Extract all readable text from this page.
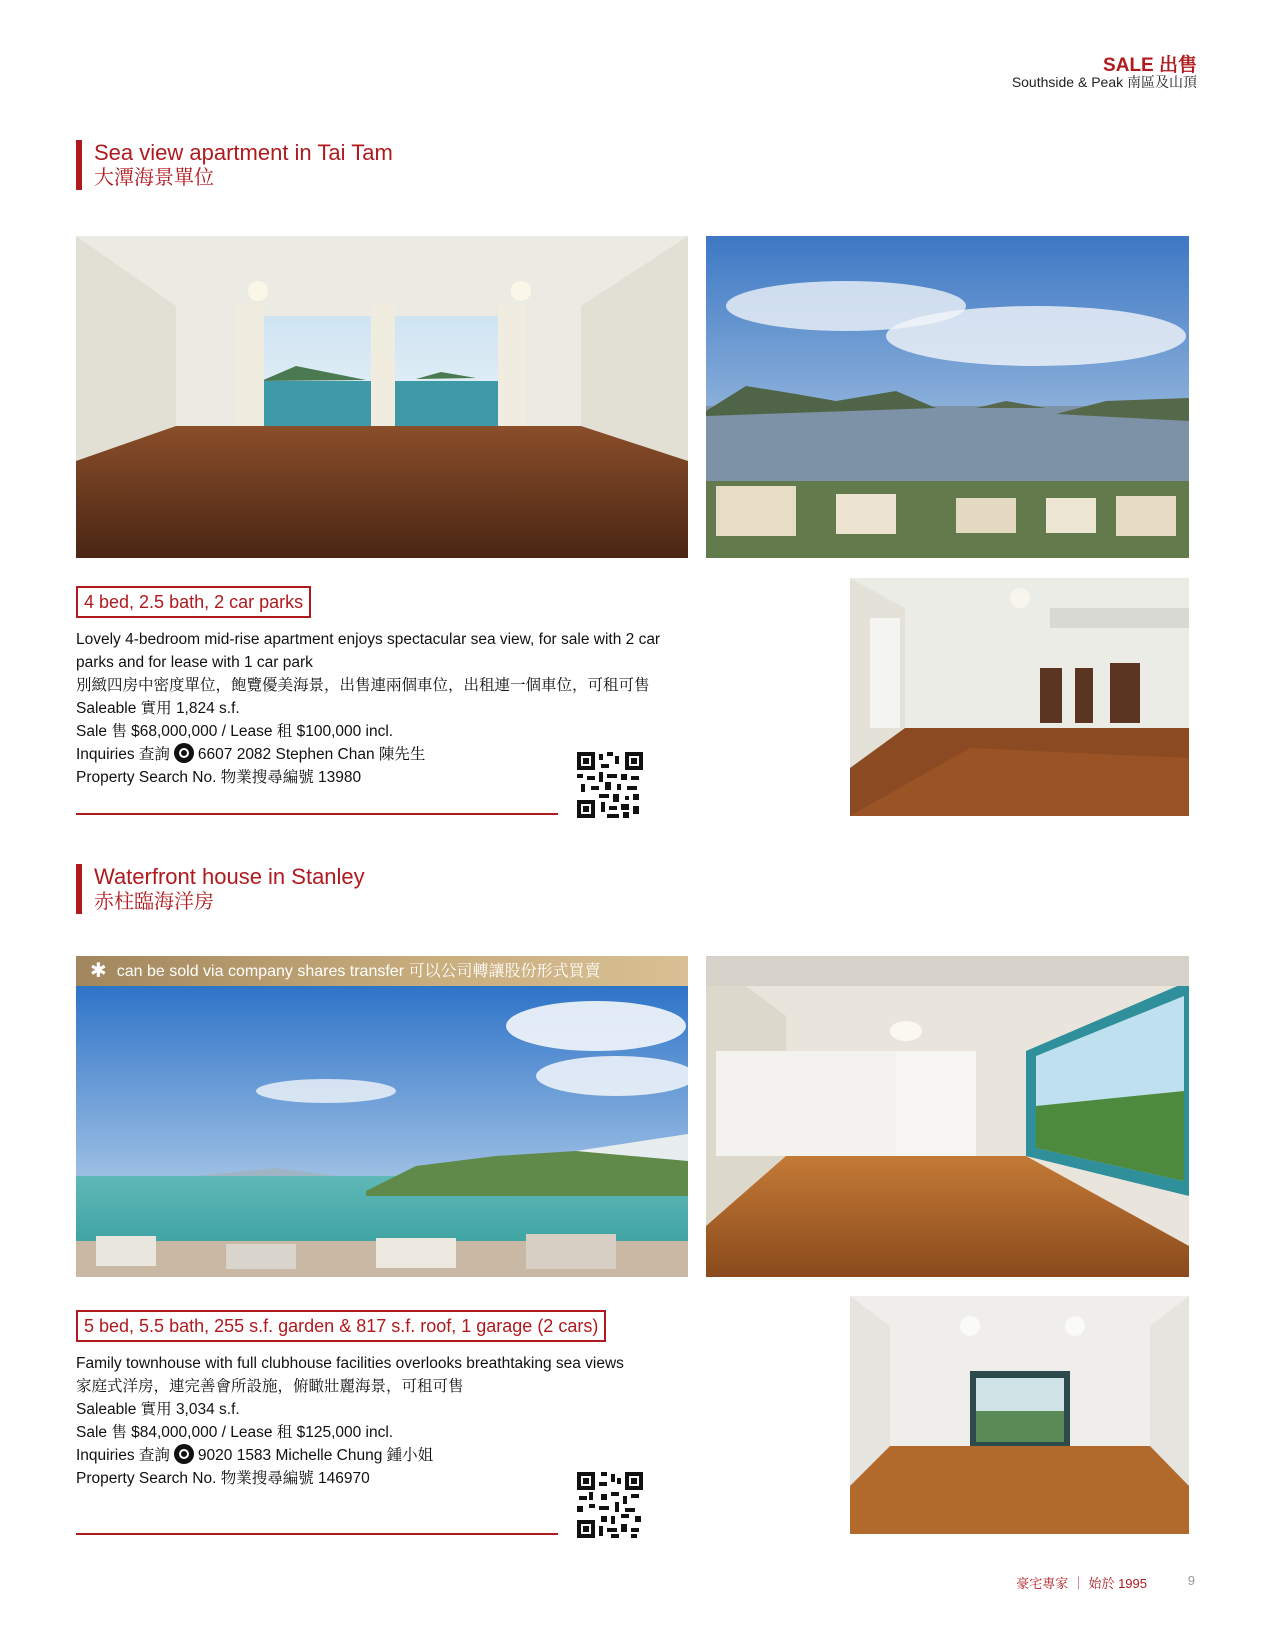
SALE 出售
Southside & Peak 南區及山頂
Sea view apartment in Tai Tam
大潭海景單位
4 bed, 2.5 bath, 2 car parks
Lovely 4-bedroom mid-rise apartment enjoys spectacular sea view, for sale with 2 car parks and for lease with 1 car park
別緻四房中密度單位，飽覽優美海景，出售連兩個車位，出租連一個車位，可租可售
Saleable 實用 1,824 s.f.
Sale 售 $68,000,000 / Lease 租 $100,000 incl.
Inquiries 查詢 6607 2082 Stephen Chan 陳先生
Property Search No. 物業搜尋編號 13980
Waterfront house in Stanley
赤柱臨海洋房
✱ can be sold via company shares transfer 可以公司轉讓股份形式買賣
5 bed, 5.5 bath, 255 s.f. garden & 817 s.f. roof, 1 garage (2 cars)
Family townhouse with full clubhouse facilities overlooks breathtaking sea views
家庭式洋房，連完善會所設施，俯瞰壯麗海景，可租可售
Saleable 實用 3,034 s.f.
Sale 售 $84,000,000 / Lease 租 $125,000 incl.
Inquiries 查詢 9020 1583 Michelle Chung 鍾小姐
Property Search No. 物業搜尋編號 146970
豪宅專家 ｜ 始於 1995	9
